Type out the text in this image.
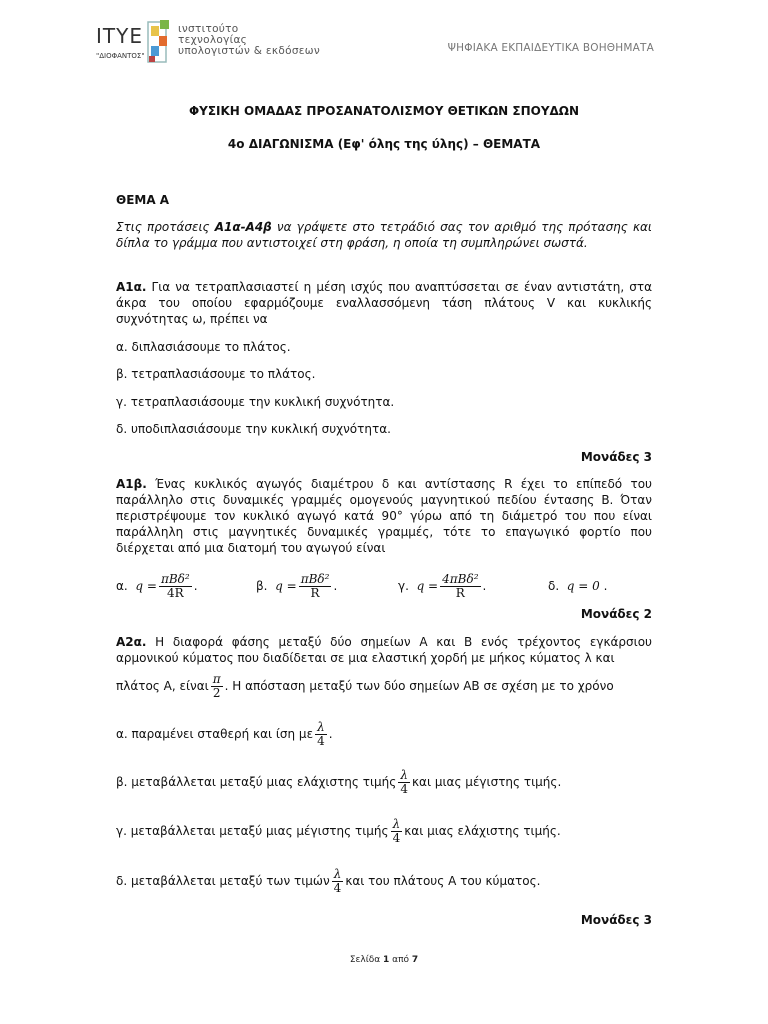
ITYE
"ΔΙΟΦΑΝΤΟΣ"
ινστιτούτο
τεχνολογίας
υπολογιστών & εκδόσεων	ΨΗΦΙΑΚΑ ΕΚΠΑΙΔΕΥΤΙΚΑ ΒΟΗΘΗΜΑΤΑ
ΦΥΣΙΚΗ ΟΜΑΔΑΣ ΠΡΟΣΑΝΑΤΟΛΙΣΜΟΥ ΘΕΤΙΚΩΝ ΣΠΟΥΔΩΝ
4ο ΔΙΑΓΩΝΙΣΜΑ (Εφ' όλης της ύλης) – ΘΕΜΑΤΑ
ΘΕΜΑ Α
Στις προτάσεις Α1α-Α4β να γράψετε στο τετράδιό σας τον αριθμό της πρότασης και δίπλα το γράμμα που αντιστοιχεί στη φράση, η οποία τη συμπληρώνει σωστά.
Α1α. Για να τετραπλασιαστεί η μέση ισχύς που αναπτύσσεται σε έναν αντιστάτη, στα άκρα του οποίου εφαρμόζουμε εναλλασσόμενη τάση πλάτους V και κυκλικής συχνότητας ω, πρέπει να
α. διπλασιάσουμε το πλάτος.
β. τετραπλασιάσουμε το πλάτος.
γ. τετραπλασιάσουμε την κυκλική συχνότητα.
δ. υποδιπλασιάσουμε την κυκλική συχνότητα.
Μονάδες 3
Α1β. Ένας κυκλικός αγωγός διαμέτρου δ και αντίστασης R έχει το επίπεδό του παράλληλο στις δυναμικές γραμμές ομογενούς μαγνητικού πεδίου έντασης Β. Όταν περιστρέψουμε τον κυκλικό αγωγό κατά 90° γύρω από τη διάμετρό του που είναι παράλληλη στις μαγνητικές δυναμικές γραμμές, τότε το επαγωγικό φορτίο που διέρχεται από μια διατομή του αγωγού είναι
α.
$q = \frac{\text{πBδ²}}{4R}$ .	β.
$q = \frac{\text{πBδ²}}{R}$ .	γ.
$q = \frac{\text{4πBδ²}}{R}$ .	δ.
q = 0 .
Μονάδες 2
Α2α. Η διαφορά φάσης μεταξύ δύο σημείων Α και Β ενός τρέχοντος εγκάρσιου αρμονικού κύματος που διαδίδεται σε μια ελαστική χορδή με μήκος κύματος λ και
πλάτος Α, είναι $\frac{\pi}{2}$ . Η απόσταση μεταξύ των δύο σημείων ΑΒ σε σχέση με το χρόνο
α. παραμένει σταθερή και ίση με $\frac{\lambda}{4}$ .
β. μεταβάλλεται μεταξύ μιας ελάχιστης τιμής $\frac{\lambda}{4}$ και μιας μέγιστης τιμής.
γ. μεταβάλλεται μεταξύ μιας μέγιστης τιμής $\frac{\lambda}{4}$ και μιας ελάχιστης τιμής.
δ. μεταβάλλεται μεταξύ των τιμών $\frac{\lambda}{4}$ και του πλάτους Α του κύματος.
Μονάδες 3
Σελίδα 1 από 7
